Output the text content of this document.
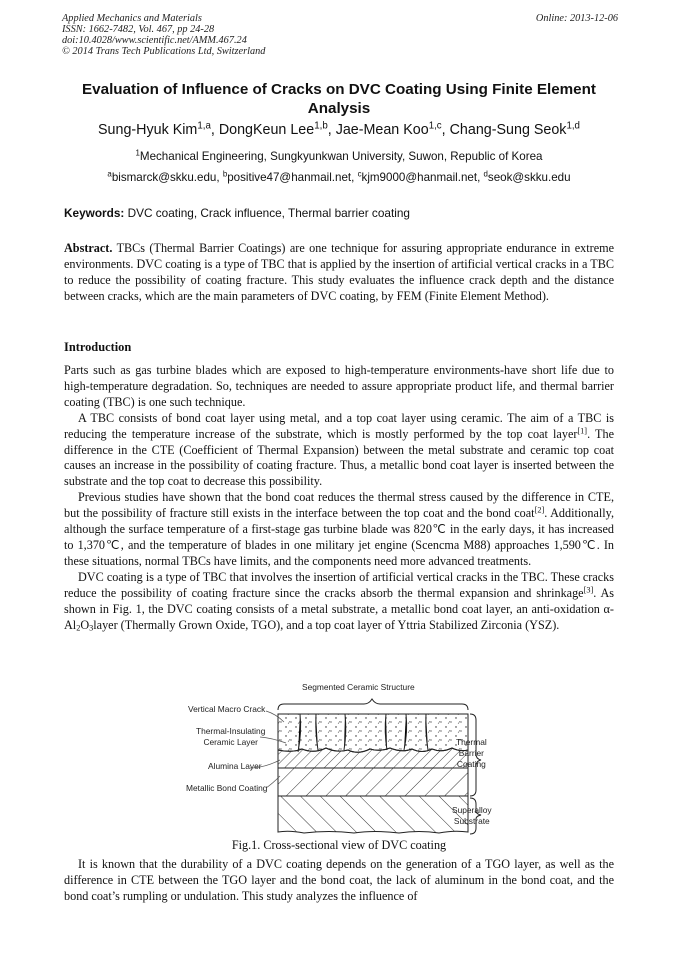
Applied Mechanics and Materials
ISSN: 1662-7482, Vol. 467, pp 24-28
doi:10.4028/www.scientific.net/AMM.467.24
© 2014 Trans Tech Publications Ltd, Switzerland
Online: 2013-12-06
Evaluation of Influence of Cracks on DVC Coating Using Finite Element Analysis
Sung-Hyuk Kim$^{1,a}$, DongKeun Lee$^{1,b}$, Jae-Mean Koo$^{1,c}$, Chang-Sung Seok$^{1,d}$
$^1$Mechanical Engineering, Sungkyunkwan University, Suwon, Republic of Korea
$^a$bismarck@skku.edu, $^b$positive47@hanmail.net, $^c$kjm9000@hanmail.net, $^d$seok@skku.edu
Keywords: DVC coating, Crack influence, Thermal barrier coating

Abstract. TBCs (Thermal Barrier Coatings) are one technique for assuring appropriate endurance in extreme environments. DVC coating is a type of TBC that is applied by the insertion of artificial vertical cracks in a TBC to reduce the possibility of coating fracture. This study evaluates the influence crack depth and the distance between cracks, which are the main parameters of DVC coating, by FEM (Finite Element Method).

Introduction

Parts such as gas turbine blades which are exposed to high-temperature environments-have short life due to high-temperature degradation. So, techniques are needed to assure appropriate product life, and thermal barrier coating (TBC) is one such technique.

A TBC consists of bond coat layer using metal, and a top coat layer using ceramic. The aim of a TBC is reducing the temperature increase of the substrate, which is mostly performed by the top coat layer[1]. The difference in the CTE (Coefficient of Thermal Expansion) between the metal substrate and ceramic top coat causes an increase in the possibility of coating fracture. Thus, a metallic bond coat layer is inserted between the substrate and the top coat to decrease this possibility.

Previous studies have shown that the bond coat reduces the thermal stress caused by the difference in CTE, but the possibility of fracture still exists in the interface between the top coat and the bond coat[2]. Additionally, although the surface temperature of a first-stage gas turbine blade was 820℃ in the early days, it has increased to 1,370℃, and the temperature of blades in one military jet engine (Scencma M88) approaches 1,590℃. In these situations, normal TBCs have limits, and the components need more advanced treatments.

DVC coating is a type of TBC that involves the insertion of artificial vertical cracks in the TBC. These cracks reduce the possibility of coating fracture since the cracks absorb the thermal expansion and shrinkage[3]. As shown in Fig. 1, the DVC coating consists of a metal substrate, a metallic bond coat layer, an anti-oxidation $\alpha-Al_2O_3layer$ (Thermally Grown Oxide, TGO), and a top coat layer of Yttria Stabilized Zirconia (YSZ).

Segmented Ceramic Structure
Vertical Macro Crack
Thermal-Insulating
Ceramic Layer
Alumina Layer
Metallic Bond Coating
Thermal
Barrier
Coating
Superalloy
Substrate
Fig.1. Cross-sectional view of DVC coating

It is known that the durability of a DVC coating depends on the generation of a TGO layer, as well as the difference in CTE between the TGO layer and the bond coat, the lack of aluminum in the bond coat, and the bond coat’s rumpling or undulation. This study analyzes the influence of
